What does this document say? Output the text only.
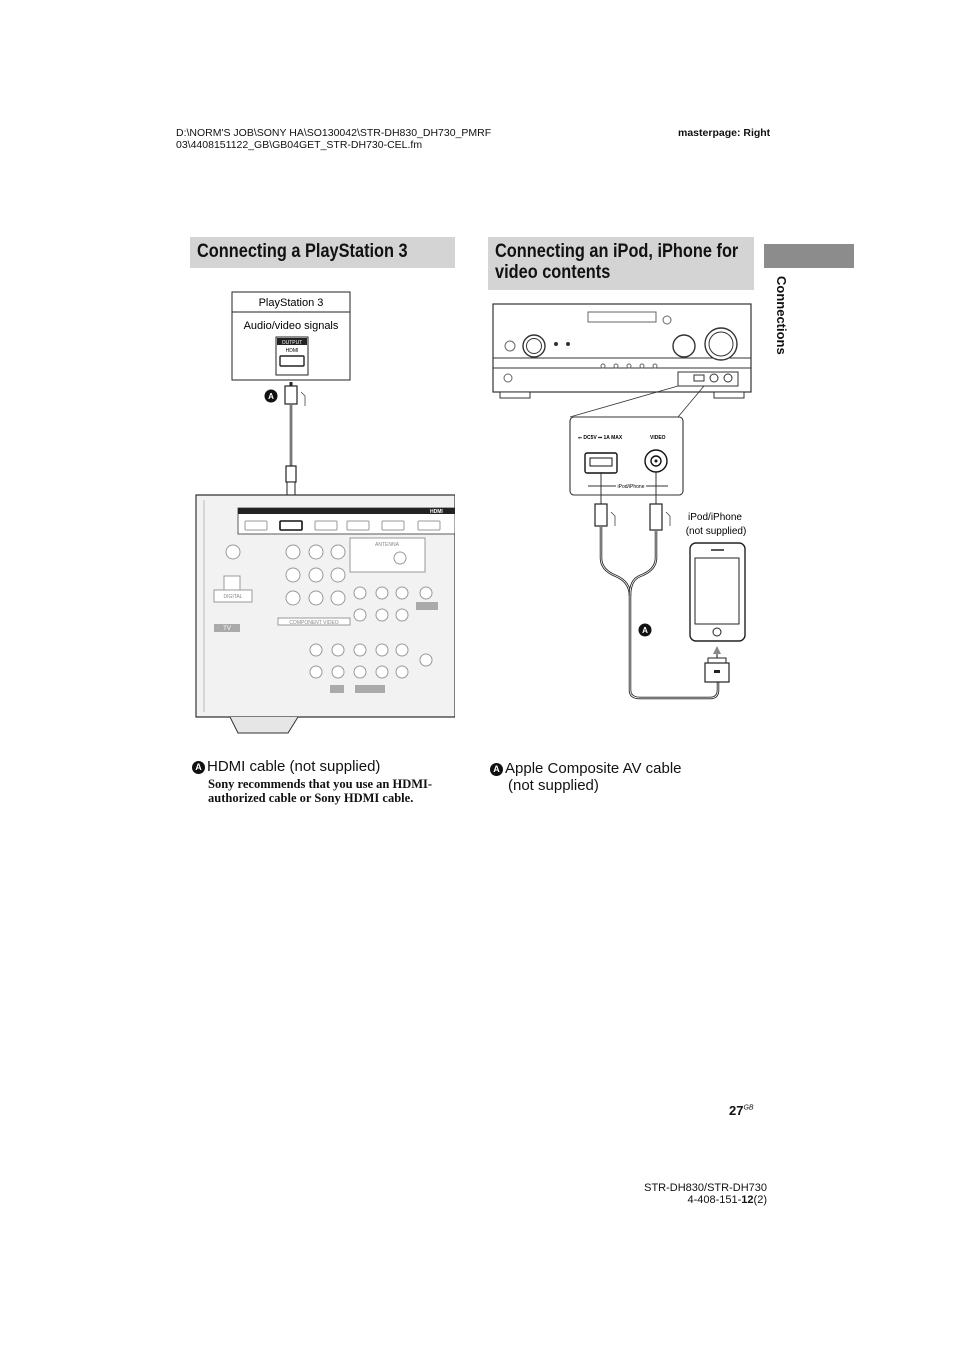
D:\NORM'S JOB\SONY HA\SO130042\STR-DH830_DH730_PMRF
03\4408151122_GB\GB04GET_STR-DH730-CEL.fm
masterpage: Right
Connections
Connecting a PlayStation 3	Connecting an iPod, iPhone for
video contents
PlayStation 3
Audio/video signals
OUTPUT
HDMI
A
HDMI
DIGITAL
TV
COMPONENT VIDEO
ANTENNA
⭠ DC5V ⎓ 1A MAX	VIDEO
iPod/iPhone
A
iPod/iPhone
(not supplied)
A HDMI cable (not supplied)
Sony recommends that you use an HDMI-authorized cable or Sony HDMI cable.
A Apple Composite AV cable
(not supplied)
$27^{GB}$
STR-DH830/STR-DH730
4-408-151-12(2)
